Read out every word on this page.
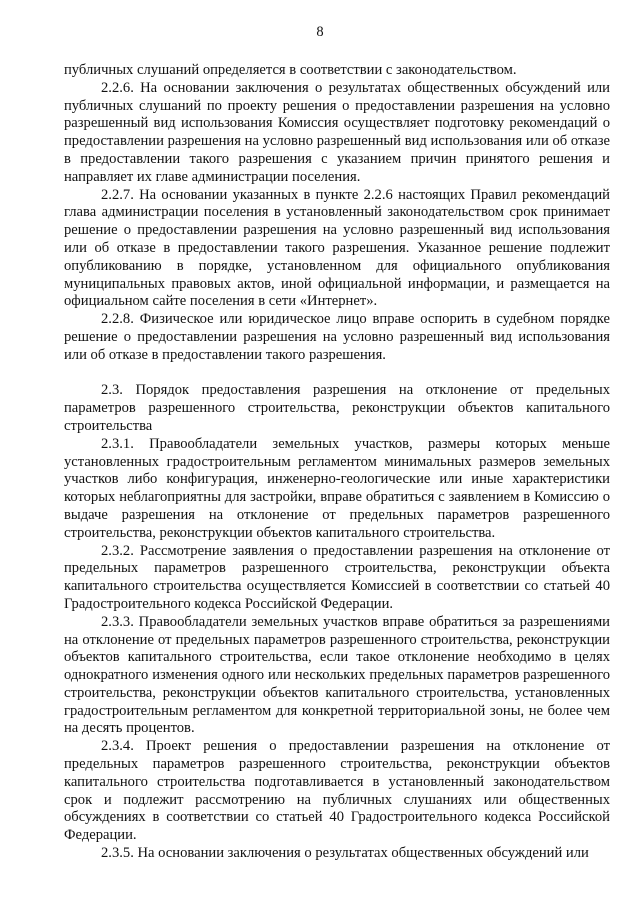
8

публичных слушаний определяется в соответствии с законодательством.

2.2.6. На основании заключения о результатах общественных обсуждений или публичных слушаний по проекту решения о предоставлении разрешения на условно разрешенный вид использования Комиссия осуществляет подготовку рекомендаций о предоставлении разрешения на условно разрешенный вид использования или об отказе в предоставлении такого разрешения с указанием причин принятого решения и направляет их главе администрации поселения.

2.2.7. На основании указанных в пункте 2.2.6 настоящих Правил рекомендаций глава администрации поселения в установленный законодательством срок принимает решение о предоставлении разрешения на условно разрешенный вид использования или об отказе в предоставлении такого разрешения. Указанное решение подлежит опубликованию в порядке, установленном для официального опубликования муниципальных правовых актов, иной официальной информации, и размещается на официальном сайте поселения в сети «Интернет».

2.2.8. Физическое или юридическое лицо вправе оспорить в судебном порядке решение о предоставлении разрешения на условно разрешенный вид использования или об отказе в предоставлении такого разрешения.

2.3. Порядок предоставления разрешения на отклонение от предельных параметров разрешенного строительства, реконструкции объектов капитального строительства

2.3.1. Правообладатели земельных участков, размеры которых меньше установленных градостроительным регламентом минимальных размеров земельных участков либо конфигурация, инженерно-геологические или иные характеристики которых неблагоприятны для застройки, вправе обратиться с заявлением в Комиссию о выдаче разрешения на отклонение от предельных параметров разрешенного строительства, реконструкции объектов капитального строительства.

2.3.2. Рассмотрение заявления о предоставлении разрешения на отклонение от предельных параметров разрешенного строительства, реконструкции объекта капитального строительства осуществляется Комиссией в соответствии со статьей 40 Градостроительного кодекса Российской Федерации.

2.3.3. Правообладатели земельных участков вправе обратиться за разрешениями на отклонение от предельных параметров разрешенного строительства, реконструкции объектов капитального строительства, если такое отклонение необходимо в целях однократного изменения одного или нескольких предельных параметров разрешенного строительства, реконструкции объектов капитального строительства, установленных градостроительным регламентом для конкретной территориальной зоны, не более чем на десять процентов.

2.3.4. Проект решения о предоставлении разрешения на отклонение от предельных параметров разрешенного строительства, реконструкции объектов капитального строительства подготавливается в установленный законодательством срок и подлежит рассмотрению на публичных слушаниях или общественных обсуждениях в соответствии со статьей 40 Градостроительного кодекса Российской Федерации.

2.3.5. На основании заключения о результатах общественных обсуждений или
